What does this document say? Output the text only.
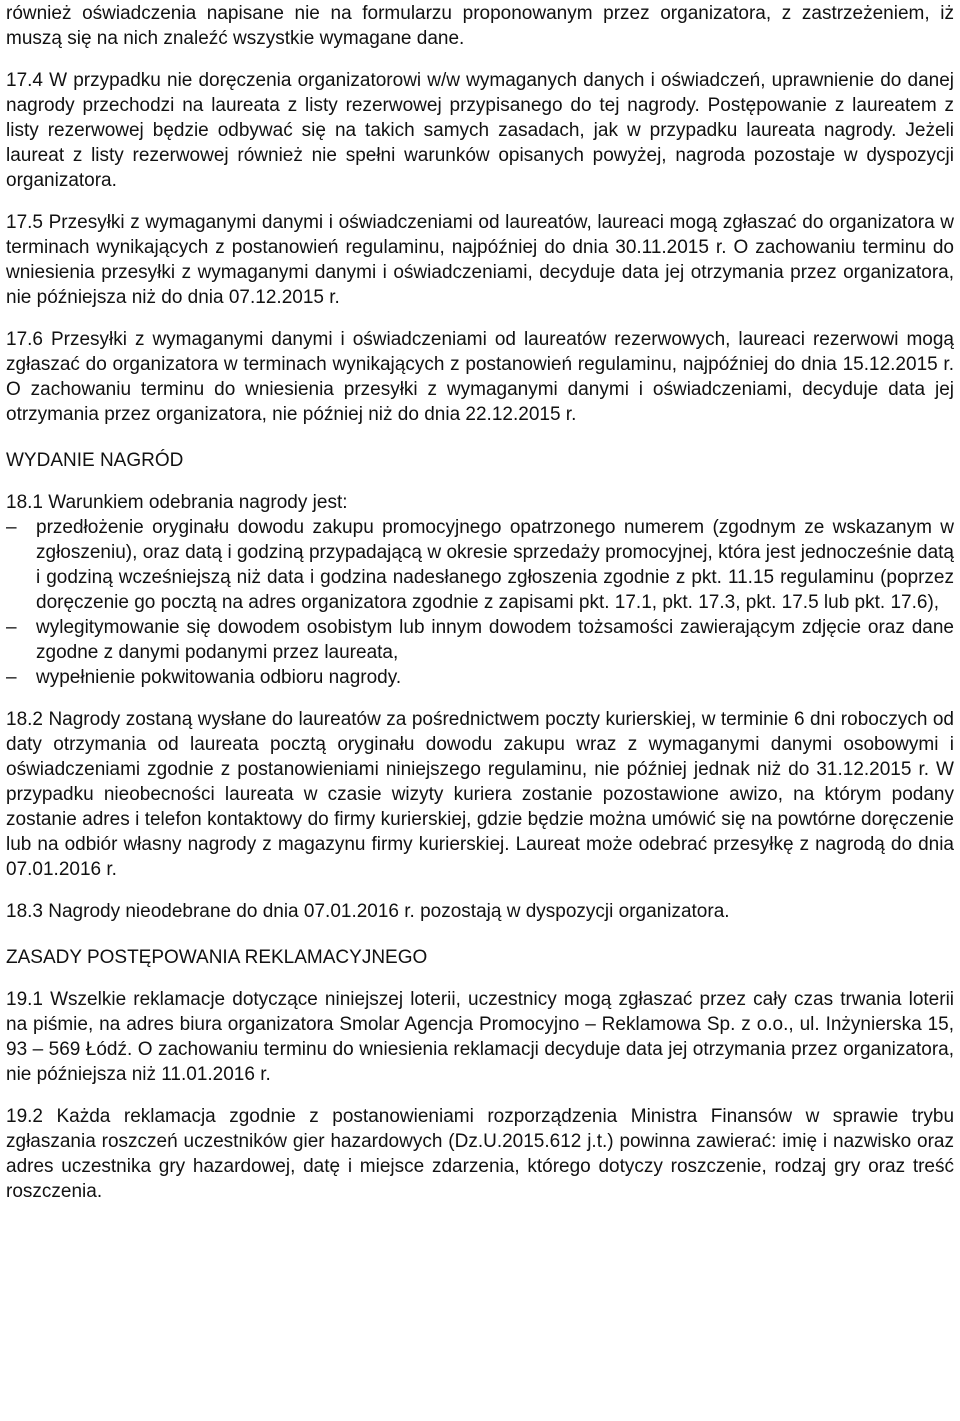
również oświadczenia napisane nie na formularzu proponowanym przez organizatora, z zastrzeżeniem, iż muszą się na nich znaleźć wszystkie wymagane dane.

17.4 W przypadku nie doręczenia organizatorowi w/w wymaganych danych i oświadczeń, uprawnienie do danej nagrody przechodzi na laureata z listy rezerwowej przypisanego do tej nagrody. Postępowanie z laureatem z listy rezerwowej będzie odbywać się na takich samych zasadach, jak w przypadku laureata nagrody. Jeżeli laureat z listy rezerwowej również nie spełni warunków opisanych powyżej, nagroda pozostaje w dyspozycji organizatora.

17.5 Przesyłki z wymaganymi danymi i oświadczeniami od laureatów, laureaci mogą zgłaszać do organizatora w terminach wynikających z postanowień regulaminu, najpóźniej do dnia 30.11.2015 r. O zachowaniu terminu do wniesienia przesyłki z wymaganymi danymi i oświadczeniami, decyduje data jej otrzymania przez organizatora, nie późniejsza niż do dnia 07.12.2015 r.

17.6 Przesyłki z wymaganymi danymi i oświadczeniami od laureatów rezerwowych, laureaci rezerwowi mogą zgłaszać do organizatora w terminach wynikających z postanowień regulaminu, najpóźniej do dnia 15.12.2015 r. O zachowaniu terminu do wniesienia przesyłki z wymaganymi danymi i oświadczeniami, decyduje data jej otrzymania przez organizatora, nie później niż do dnia 22.12.2015 r.

WYDANIE NAGRÓD

18.1 Warunkiem odebrania nagrody jest:

–	przedłożenie oryginału dowodu zakupu promocyjnego opatrzonego numerem (zgodnym ze wskazanym w zgłoszeniu), oraz datą i godziną przypadającą w okresie sprzedaży promocyjnej, która jest jednocześnie datą i godziną wcześniejszą niż data i godzina nadesłanego zgłoszenia zgodnie z pkt. 11.15 regulaminu (poprzez doręczenie go pocztą na adres organizatora zgodnie z zapisami pkt. 17.1, pkt. 17.3, pkt. 17.5 lub pkt. 17.6),
–	wylegitymowanie się dowodem osobistym lub innym dowodem tożsamości zawierającym zdjęcie oraz dane zgodne z danymi podanymi przez laureata,
–	wypełnienie pokwitowania odbioru nagrody.

18.2 Nagrody zostaną wysłane do laureatów za pośrednictwem poczty kurierskiej, w terminie 6 dni roboczych od daty otrzymania od laureata pocztą oryginału dowodu zakupu wraz z wymaganymi danymi osobowymi i oświadczeniami zgodnie z postanowieniami niniejszego regulaminu, nie później jednak niż do 31.12.2015 r. W przypadku nieobecności laureata w czasie wizyty kuriera zostanie pozostawione awizo, na którym podany zostanie adres i telefon kontaktowy do firmy kurierskiej, gdzie będzie można umówić się na powtórne doręczenie lub na odbiór własny nagrody z magazynu firmy kurierskiej. Laureat może odebrać przesyłkę z nagrodą do dnia 07.01.2016 r.

18.3 Nagrody nieodebrane do dnia 07.01.2016 r. pozostają w dyspozycji organizatora.

ZASADY POSTĘPOWANIA REKLAMACYJNEGO

19.1 Wszelkie reklamacje dotyczące niniejszej loterii, uczestnicy mogą zgłaszać przez cały czas trwania loterii na piśmie, na adres biura organizatora Smolar Agencja Promocyjno – Reklamowa Sp. z o.o., ul. Inżynierska 15, 93 – 569 Łódź. O zachowaniu terminu do wniesienia reklamacji decyduje data jej otrzymania przez organizatora, nie późniejsza niż 11.01.2016 r.

19.2 Każda reklamacja zgodnie z postanowieniami rozporządzenia Ministra Finansów w sprawie trybu zgłaszania roszczeń uczestników gier hazardowych (Dz.U.2015.612 j.t.) powinna zawierać: imię i nazwisko oraz adres uczestnika gry hazardowej, datę i miejsce zdarzenia, którego dotyczy roszczenie, rodzaj gry oraz treść roszczenia.
